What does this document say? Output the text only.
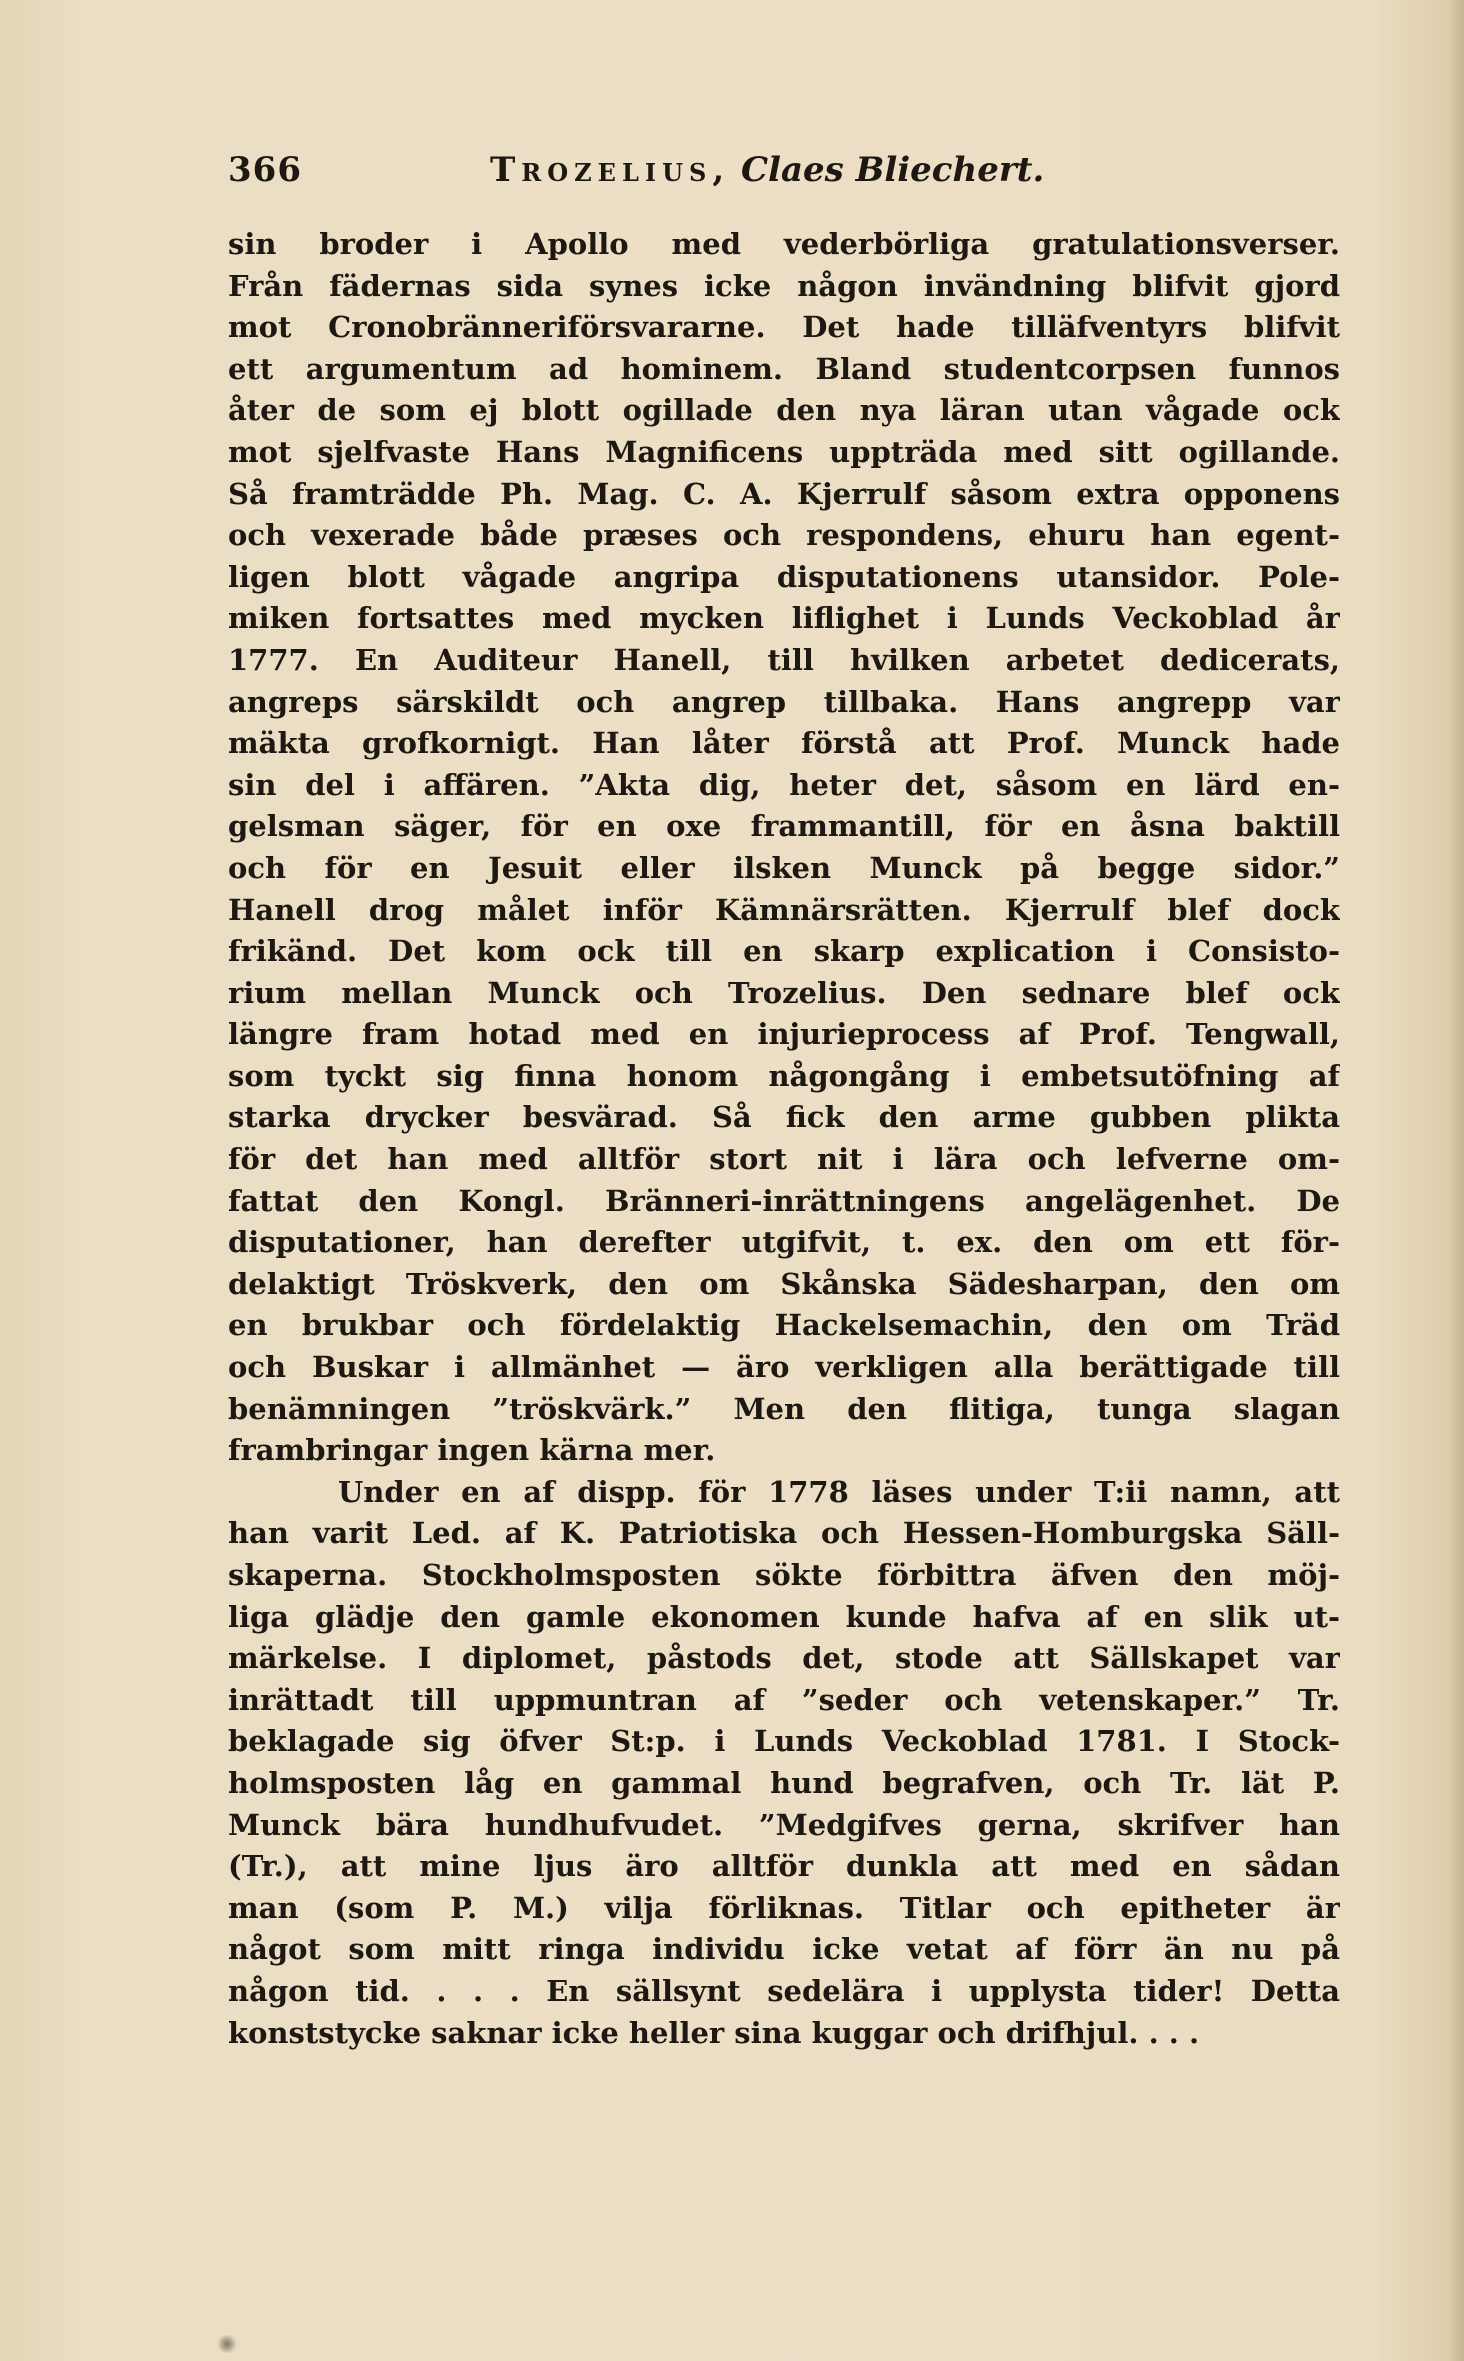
366	Trozelius, Claes Bliechert.
sin broder i Apollo med vederbörliga gratulationsverser.
Från fädernas sida synes icke någon invändning blifvit gjord
mot Cronobränneriförsvararne. Det hade tilläfventyrs blifvit
ett argumentum ad hominem. Bland studentcorpsen funnos
åter de som ej blott ogillade den nya läran utan vågade ock
mot sjelfvaste Hans Magnificens uppträda med sitt ogillande.
Så framträdde Ph. Mag. C. A. Kjerrulf såsom extra opponens
och vexerade både præses och respondens, ehuru han egent-
ligen blott vågade angripa disputationens utansidor. Pole-
miken fortsattes med mycken liflighet i Lunds Veckoblad år
1777. En Auditeur Hanell, till hvilken arbetet dedicerats,
angreps särskildt och angrep tillbaka. Hans angrepp var
mäkta grofkornigt. Han låter förstå att Prof. Munck hade
sin del i affären. ”Akta dig, heter det, såsom en lärd en-
gelsman säger, för en oxe frammantill, för en åsna baktill
och för en Jesuit eller ilsken Munck på begge sidor.”
Hanell drog målet inför Kämnärsrätten. Kjerrulf blef dock
frikänd. Det kom ock till en skarp explication i Consisto-
rium mellan Munck och Trozelius. Den sednare blef ock
längre fram hotad med en injurieprocess af Prof. Tengwall,
som tyckt sig finna honom någongång i embetsutöfning af
starka drycker besvärad. Så fick den arme gubben plikta
för det han med alltför stort nit i lära och lefverne om-
fattat den Kongl. Bränneri-inrättningens angelägenhet. De
disputationer, han derefter utgifvit, t. ex. den om ett för-
delaktigt Tröskverk, den om Skånska Sädesharpan, den om
en brukbar och fördelaktig Hackelsemachin, den om Träd
och Buskar i allmänhet — äro verkligen alla berättigade till
benämningen ”tröskvärk.” Men den flitiga, tunga slagan
frambringar ingen kärna mer.
Under en af dispp. för 1778 läses under T:ii namn, att
han varit Led. af K. Patriotiska och Hessen-Homburgska Säll-
skaperna. Stockholmsposten sökte förbittra äfven den möj-
liga glädje den gamle ekonomen kunde hafva af en slik ut-
märkelse. I diplomet, påstods det, stode att Sällskapet var
inrättadt till uppmuntran af ”seder och vetenskaper.” Tr.
beklagade sig öfver St:p. i Lunds Veckoblad 1781. I Stock-
holmsposten låg en gammal hund begrafven, och Tr. lät P.
Munck bära hundhufvudet. ”Medgifves gerna, skrifver han
(Tr.), att mine ljus äro alltför dunkla att med en sådan
man (som P. M.) vilja förliknas. Titlar och epitheter är
något som mitt ringa individu icke vetat af förr än nu på
någon tid. . . . En sällsynt sedelära i upplysta tider! Detta
konststycke saknar icke heller sina kuggar och drifhjul. . . .
